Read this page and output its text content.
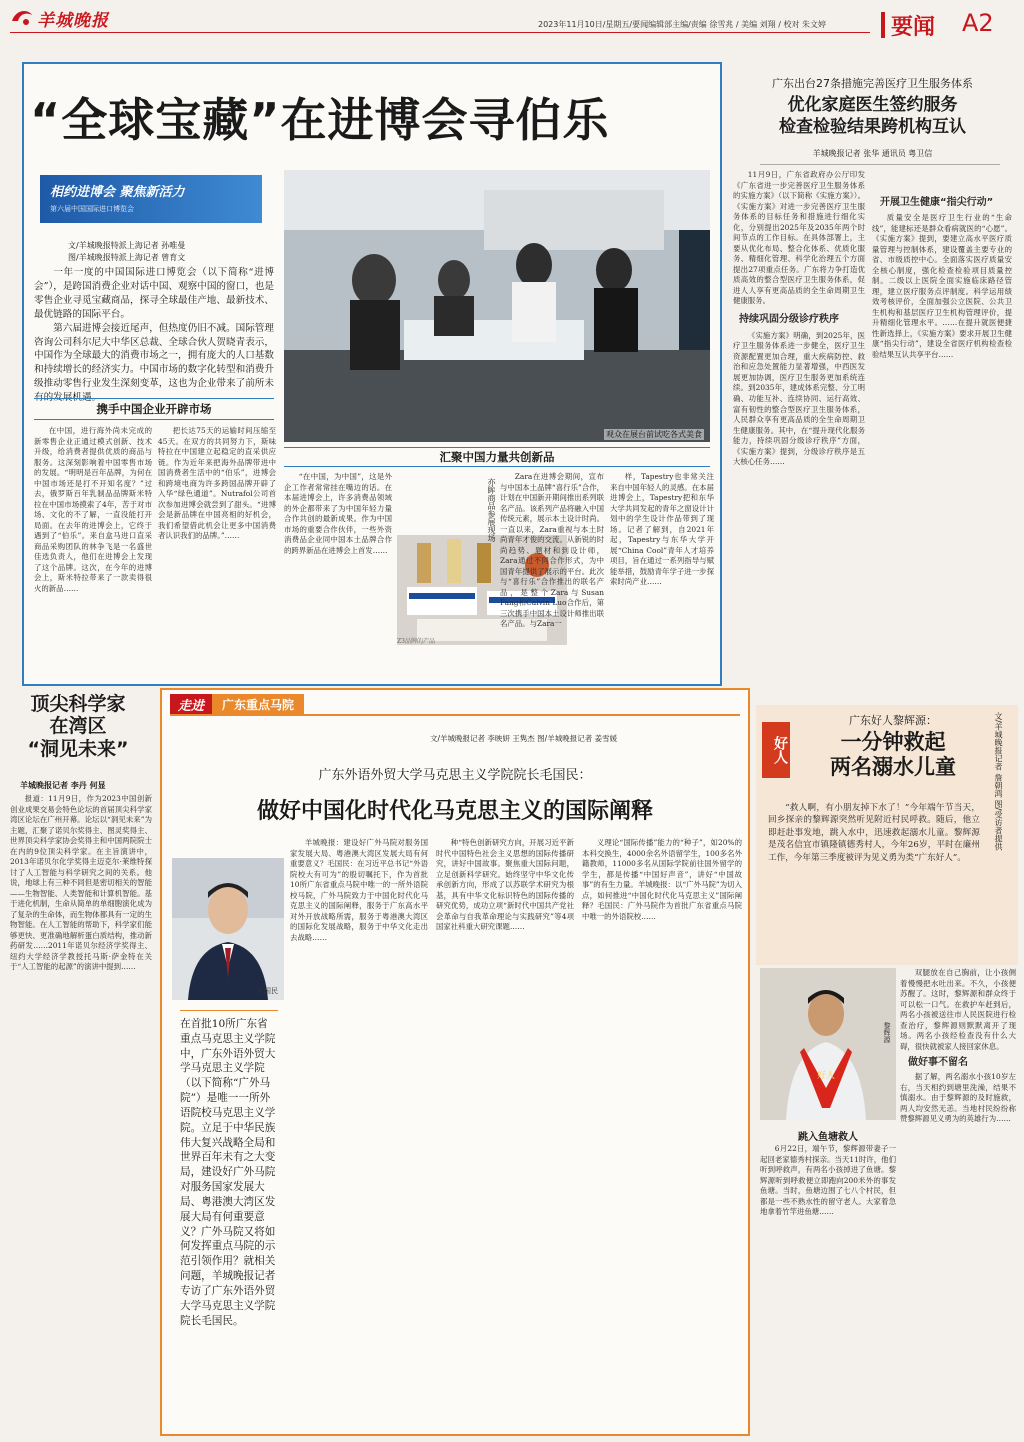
羊城晚报	2023年11月10日/星期五/要闻编辑部主编/责编 徐雪兆 / 美编 刘翔 / 校对 朱文婷	要闻 A2
“全球宝藏”在进博会寻伯乐
相约进博会 聚焦新活力
第六届中国国际进口博览会
文/羊城晚报特派上海记者 孙唯曼
图/羊城晚报特派上海记者 曾育文

一年一度的中国国际进口博览会（以下简称“进博会”），是跨国消费企业对话中国、观察中国的窗口，也是零售企业寻觅宝藏商品，探寻全球最佳产地、最新技术、最优链路的国际平台。

第六届进博会接近尾声，但热度仍旧不减。国际管理咨询公司科尔尼大中华区总裁、全球合伙人贺晓青表示，中国作为全球最大的消费市场之一，拥有庞大的人口基数和持续增长的经济实力。中国市场的数字化转型和消费升级推动零售行业发生深刻变革，这也为企业带来了前所未有的发展机遇。

观众在展台前试吃各式美食
携手中国企业开辟市场

在中国，进行海外尚未完成的新零售企业正通过模式创新、技术升级，给消费者提供优质的商品与服务。这深刻影响着中国零售市场的发展。“明明是百年品牌，为何在中国市场还是打不开知名度？”过去，俄罗斯百年乳制品品牌斯米特拉在中国市场摸索了4年，苦于对市场、文化的不了解，一直没能打开局面。在去年的进博会上，它终于遇到了“伯乐”。来自盒马进口直采商品采购团队的林争飞是一名盛世佳选负责人，他们在进博会上发现了这个品牌。这次，在今年的进博会上，斯米特拉带来了一款卖得很火的新品……

把长达75天的运输时间压缩至45天。在双方的共同努力下，斯味特拉在中国建立起稳定的直采供应链。作为近年来把海外品牌带进中国消费者生活中的“伯乐”，进博会和跨境电商为许多跨国品牌开辟了入华“绿色通道”。Nutrafol公司首次参加进博会就尝到了甜头。“进博会是新品牌在中国亮相的好机会，我们希望借此机会让更多中国消费者认识我们的品牌。”……

汇聚中国力量共创新品

“在中国，为中国”，这是外企工作者常常挂在嘴边的话。在本届进博会上，许多消费品领域的外企都带来了为中国年轻力量合作共创的最新成果。作为中国市场的重要合作伙伴，一些外资消费品企业同中国本土品牌合作的跨界新品在进博会上首发……

Z3品牌的产品
亦眸商品参展现场

Zara在进博会期间，宣布与中国本土品牌“喜行乐”合作，计划在中国新开期间推出系列联名产品。该系列产品将融入中国传统元素，展示本土设计时尚。一直以来，Zara重视与本土时尚青年才俊的交流。从新锐的时尚趋势、题材和到设计师，Zara通过不同合作形式，为中国青年提供了展示的平台。此次与“喜行乐”合作推出的联名产品，是整个Zara与Susan Fang和Calvin Luo合作后，第三次携手中国本土设计师推出联名产品。与Zara一

样，Tapestry也非常关注来自中国年轻人的灵感。在本届进博会上，Tapestry把和东华大学共同发起的青年之窗设计计划中的学生设计作品带到了现场。记者了解到，自2021年起，Tapestry与东华大学开展“China Cool”青年人才培养项目，旨在通过一系列指导与赋能举措，鼓励青年学子进一步探索时尚产业……

广东出台27条措施完善医疗卫生服务体系
优化家庭医生签约服务
检查检验结果跨机构互认
羊城晚报记者 张华 通讯员 粤卫信

11月9日，广东省政府办公厅印发《广东省进一步完善医疗卫生服务体系的实施方案》（以下简称《实施方案》）。《实施方案》对进一步完善医疗卫生服务体系的目标任务和措施进行细化实化，分别提出2025年及2035年两个时间节点的工作目标。在具体部署上，主要从优化布局、整合化体系、优质化服务、精细化管理、科学化治理五个方面提出27项重点任务。广东将力争打造优质高效的整合型医疗卫生服务体系，促进人人享有更高品质的全生命周期卫生健康服务。

持续巩固分级诊疗秩序

《实施方案》明确，到2025年，医疗卫生服务体系进一步健全，医疗卫生资源配置更加合理，重大疾病防控、救治和应急处置能力显著增强，中西医发展更加协调，医疗卫生服务更加系统连续。到2035年，建成体系完整、分工明确、功能互补、连续协同、运行高效、富有韧性的整合型医疗卫生服务体系，人民群众享有更高品质的全生命周期卫生健康服务。其中，在“提升现代化服务能力，持续巩固分级诊疗秩序”方面，《实施方案》提到，分级诊疗秩序是五大核心任务……

开展卫生健康“指尖行动”

质量安全是医疗卫生行业的“生命线”，能建标还是群众看病就医的“心愿”。《实施方案》提到，要建立高水平医疗质量管理与控制体系，建设覆盖主要专业的省、市级质控中心。全面落实医疗质量安全核心制度，强化检查检验项目质量控制。二级以上医院全面实施临床路径管理，建立医疗服务点评制度。科学运用绩效考核评价，全面加强公立医院、公共卫生机构和基层医疗卫生机构管理评价，提升精细化管理水平。……在提升就医便捷性新选择上，《实施方案》要求开展卫生健康“指尖行动”，建设全省医疗机构检查检验结果互认共享平台……

顶尖科学家
在湾区
“洞见未来”
羊城晚报记者 李丹 何显

报道：11月9日，作为2023中国创新创业成果交易会特色论坛的首届顶尖科学家湾区论坛在广州开幕。论坛以“洞见未来”为主题，汇聚了诺贝尔奖得主、图灵奖得主、世界顶尖科学家协会奖得主和中国两院院士在内的9位顶尖科学家。在主旨演讲中，2013年诺贝尔化学奖得主迈克尔·莱维特探讨了人工智能与科学研究之间的关系。他说，地球上有三种不同但是密切相关的智能——生物智能、人类智能和计算机智能。基于进化机制，生命从简单的单细胞演化成为了复杂的生命体，而生物体都具有一定的生物智能。在人工智能的帮助下，科学家们能够更快、更准确地解析蛋白质结构，推动新药研发……2011年诺贝尔经济学奖得主、纽约大学经济学教授托马斯·萨金特在关于“人工智能的起源”的演讲中提到……

走进	广东重点马院
文/羊城晚报记者 李映妍 王隽杰 图/羊城晚报记者 姜雪媛
广东外语外贸大学马克思主义学院院长毛国民：
做好中国化时代化马克思主义的国际阐释
毛国民
在首批10所广东省重点马克思主义学院中，广东外语外贸大学马克思主义学院（以下简称“广外马院”）是唯一一所外语院校马克思主义学院。立足于中华民族伟大复兴战略全局和世界百年未有之大变局，建设好广外马院对服务国家发展大局、粤港澳大湾区发展大局有何重要意义？广外马院又将如何发挥重点马院的示范引领作用？就相关问题，羊城晚报记者专访了广东外语外贸大学马克思主义学院院长毛国民。

羊城晚报：建设好广外马院对服务国家发展大局、粤港澳大湾区发展大局有何重要意义？毛国民：在习近平总书记“外语院校大有可为”的殷切嘱托下，作为首批10所广东省重点马院中唯一的一所外语院校马院，广外马院致力于中国化时代化马克思主义的国际阐释，服务于广东高水平对外开放战略所需，服务于粤港澳大湾区的国际化发展战略，服务于中华文化走出去战略……

种“特色创新研究方向，开展习近平新时代中国特色社会主义思想的国际传播研究，讲好中国故事。聚焦重大国际问题，立足创新科学研究。始终坚守中华文化传承创新方向，形成了以苏联学术研究为根基，具有中华文化标识特色的国际传播的研究优势，成功立项“新时代中国共产党社会革命与自我革命理论与实践研究”等4项国家社科重大研究课题……

义理论“国际传播”能力的“种子”，如20%的本科交换生，4000余名外语留学生，100多名外籍教师，11000多名从国际学院前往国外留学的学生，都是传播“中国好声音”，讲好“中国故事”的有生力量。羊城晚报：以“广外马院”为切入点，如何推进“中国化时代化马克思主义”国际阐释？毛国民：广外马院作为首批广东省重点马院中唯一的外语院校……

好人
广东好人黎辉源：
一分钟救起
两名溺水儿童	文/羊城晚报记者 詹朝鸿 图/受访者提供

“救人啊，有小朋友掉下水了！”今年端午节当天，回乡探亲的黎辉源突然听见附近村民呼救。随后，他立即赶赴事发地，跳入水中，迅速救起溺水儿童。黎辉源是茂名信宜市镇隆镇德秀村人，今年26岁，平时在廉州工作，今年第三季度被评为见义勇为类“广东好人”。

双腿放在自己胸前，让小孩侧着慢慢把水吐出来。不久，小孩便苏醒了。这时，黎辉源和群众终于可以松一口气。在救护车赶到后，两名小孩被送往市人民医院进行检查治疗，黎辉源则默默离开了现场。两名小孩经检查没有什么大碍，很快就被家人接回家休息。

做好事不留名

据了解，两名溺水小孩10岁左右，当天相约到塘里洗澡，结果不慎溺水。由于黎辉源的及时施救，两人均安然无恙。当地村民纷纷称赞黎辉源见义勇为的英雄行为……

好人
黎辉源
跳入鱼塘救人

6月22日，端午节，黎辉源带妻子一起回老家德秀村探亲。当天11时许，他们听到呼救声，有两名小孩掉进了鱼塘。黎辉源听到呼救便立即跑向200米外的事发鱼塘。当时，鱼塘边围了七八个村民，但都是一些不熟水性的留守老人。大家着急地拿着竹竿进鱼塘……
